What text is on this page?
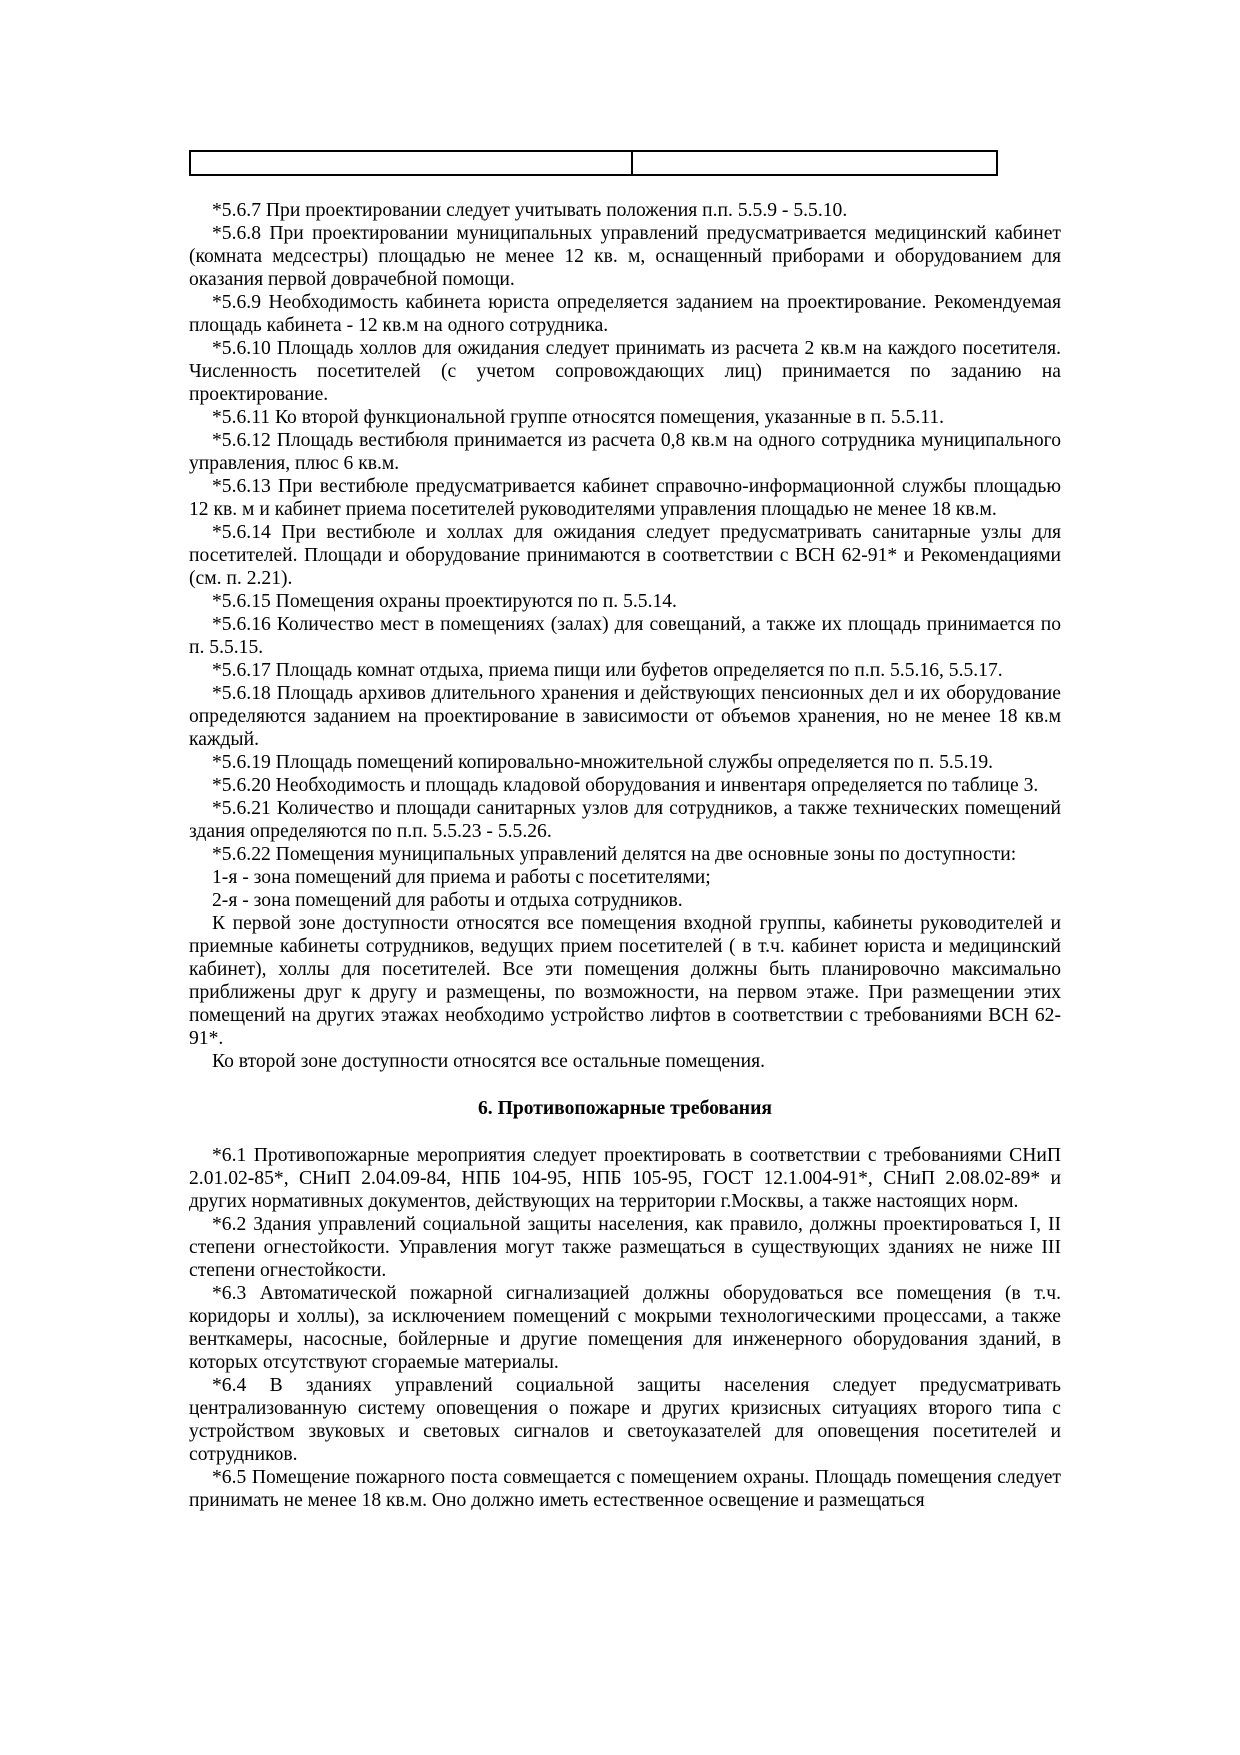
*5.6.7 При проектировании следует учитывать положения п.п. 5.5.9 - 5.5.10.

*5.6.8 При проектировании муниципальных управлений предусматривается медицинский кабинет (комната медсестры) площадью не менее 12 кв. м, оснащенный приборами и оборудованием для оказания первой доврачебной помощи.

*5.6.9 Необходимость кабинета юриста определяется заданием на проектирование. Рекомендуемая площадь кабинета - 12 кв.м на одного сотрудника.

*5.6.10 Площадь холлов для ожидания следует принимать из расчета 2 кв.м на каждого посетителя. Численность посетителей (с учетом сопровождающих лиц) принимается по заданию на проектирование.

*5.6.11 Ко второй функциональной группе относятся помещения, указанные в п. 5.5.11.

*5.6.12 Площадь вестибюля принимается из расчета 0,8 кв.м на одного сотрудника муниципального управления, плюс 6 кв.м.

*5.6.13 При вестибюле предусматривается кабинет справочно-информационной службы площадью 12 кв. м и кабинет приема посетителей руководителями управления площадью не менее 18 кв.м.

*5.6.14 При вестибюле и холлах для ожидания следует предусматривать санитарные узлы для посетителей. Площади и оборудование принимаются в соответствии с ВСН 62-91* и Рекомендациями (см. п. 2.21).

*5.6.15 Помещения охраны проектируются по п. 5.5.14.

*5.6.16 Количество мест в помещениях (залах) для совещаний, а также их площадь принимается по п. 5.5.15.

*5.6.17 Площадь комнат отдыха, приема пищи или буфетов определяется по п.п. 5.5.16, 5.5.17.

*5.6.18 Площадь архивов длительного хранения и действующих пенсионных дел и их оборудование определяются заданием на проектирование в зависимости от объемов хранения, но не менее 18 кв.м каждый.

*5.6.19 Площадь помещений копировально-множительной службы определяется по п. 5.5.19.

*5.6.20 Необходимость и площадь кладовой оборудования и инвентаря определяется по таблице 3.

*5.6.21 Количество и площади санитарных узлов для сотрудников, а также технических помещений здания определяются по п.п. 5.5.23 - 5.5.26.

*5.6.22 Помещения муниципальных управлений делятся на две основные зоны по доступности:

1-я - зона помещений для приема и работы с посетителями;

2-я - зона помещений для работы и отдыха сотрудников.

К первой зоне доступности относятся все помещения входной группы, кабинеты руководителей и приемные кабинеты сотрудников, ведущих прием посетителей ( в т.ч. кабинет юриста и медицинский кабинет), холлы для посетителей. Все эти помещения должны быть планировочно максимально приближены друг к другу и размещены, по возможности, на первом этаже. При размещении этих помещений на других этажах необходимо устройство лифтов в соответствии с требованиями ВСН 62-91*.

Ко второй зоне доступности относятся все остальные помещения.

6. Противопожарные требования

*6.1 Противопожарные мероприятия следует проектировать в соответствии с требованиями СНиП 2.01.02-85*, СНиП 2.04.09-84, НПБ 104-95, НПБ 105-95, ГОСТ 12.1.004-91*, СНиП 2.08.02-89* и других нормативных документов, действующих на территории г.Москвы, а также настоящих норм.

*6.2 Здания управлений социальной защиты населения, как правило, должны проектироваться I, II степени огнестойкости. Управления могут также размещаться в существующих зданиях не ниже III степени огнестойкости.

*6.3 Автоматической пожарной сигнализацией должны оборудоваться все помещения (в т.ч. коридоры и холлы), за исключением помещений с мокрыми технологическими процессами, а также венткамеры, насосные, бойлерные и другие помещения для инженерного оборудования зданий, в которых отсутствуют сгораемые материалы.

*6.4 В зданиях управлений социальной защиты населения следует предусматривать централизованную систему оповещения о пожаре и других кризисных ситуациях второго типа с устройством звуковых и световых сигналов и светоуказателей для оповещения посетителей и сотрудников.

*6.5 Помещение пожарного поста совмещается с помещением охраны. Площадь помещения следует принимать не менее 18 кв.м. Оно должно иметь естественное освещение и размещаться
